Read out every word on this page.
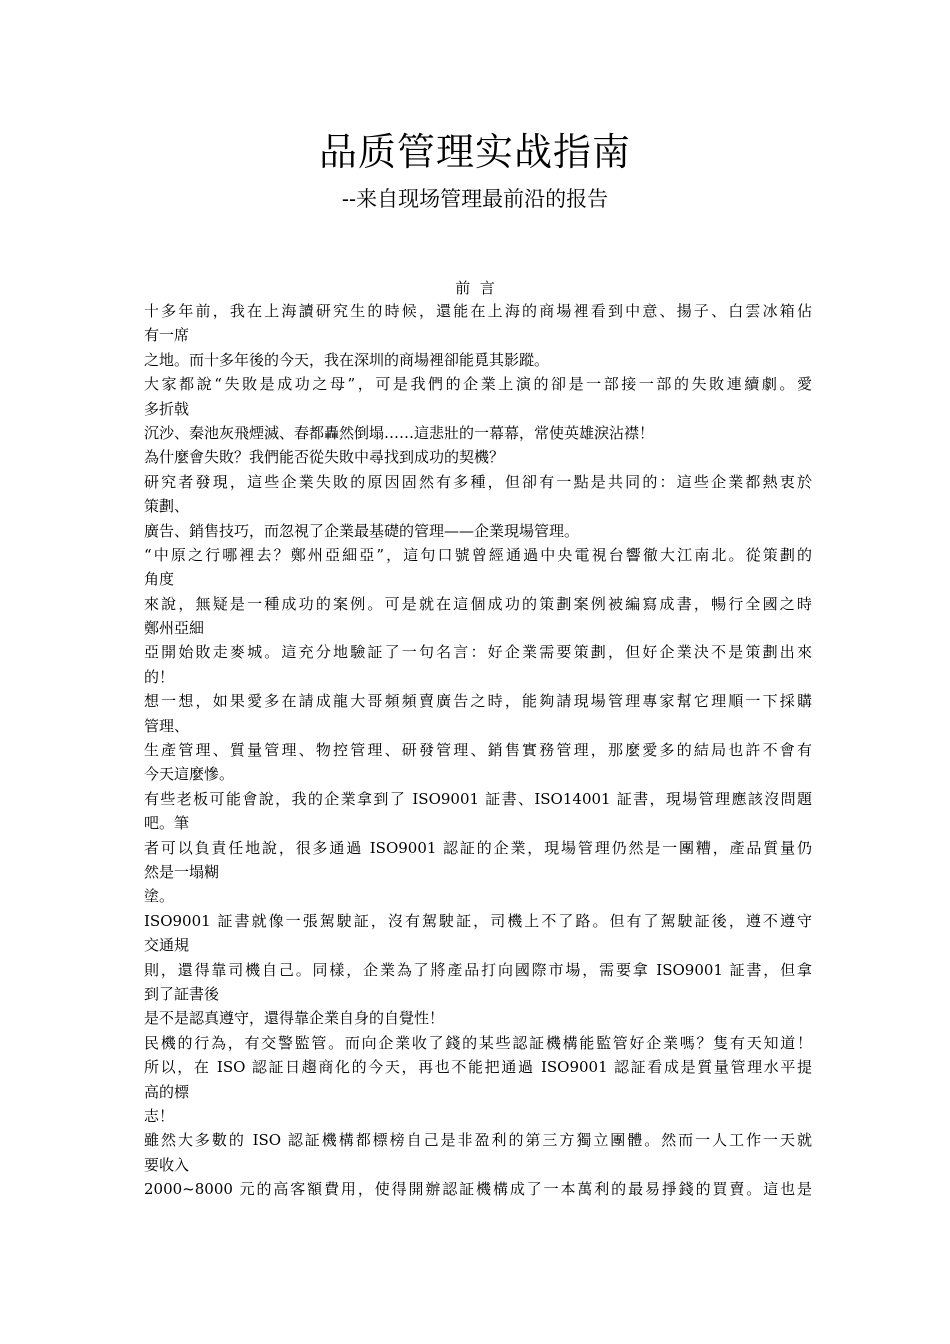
品质管理实战指南
--来自现场管理最前沿的报告
前  言
十多年前，我在上海讀研究生的時候，還能在上海的商場裡看到中意、揚子、白雲冰箱佔
有一席
之地。而十多年後的今天，我在深圳的商場裡卻能覓其影蹤。
大家都說“失敗是成功之母”，可是我們的企業上演的卻是一部接一部的失敗連續劇。愛
多折戟
沉沙、秦池灰飛煙滅、春都轟然倒塌……這悲壯的一幕幕，常使英雄淚沾襟！
為什麼會失敗？我們能否從失敗中尋找到成功的契機？
研究者發現，這些企業失敗的原因固然有多種，但卻有一點是共同的：這些企業都熱衷於
策劃、
廣告、銷售技巧，而忽視了企業最基礎的管理——企業現場管理。
“中原之行哪裡去？鄭州亞細亞”，這句口號曾經通過中央電視台響徹大江南北。從策劃的
角度
來說，無疑是一種成功的案例。可是就在這個成功的策劃案例被編寫成書，暢行全國之時
鄭州亞細
亞開始敗走麥城。這充分地驗証了一句名言：好企業需要策劃，但好企業決不是策劃出來
的！
想一想，如果愛多在請成龍大哥頻頻賣廣告之時，能夠請現場管理專家幫它理順一下採購
管理、
生產管理、質量管理、物控管理、研發管理、銷售實務管理，那麼愛多的結局也許不會有
今天這麼慘。
有些老板可能會說，我的企業拿到了 ISO9001 証書、ISO14001 証書，現場管理應該沒問題
吧。筆
者可以負責任地說，很多通過 ISO9001 認証的企業，現場管理仍然是一團糟，產品質量仍
然是一塌糊
塗。
ISO9001 証書就像一張駕駛証，沒有駕駛証，司機上不了路。但有了駕駛証後，遵不遵守
交通規
則，還得靠司機自己。同樣，企業為了將產品打向國際市場，需要拿 ISO9001 証書，但拿
到了証書後
是不是認真遵守，還得靠企業自身的自覺性！
民機的行為，有交警監管。而向企業收了錢的某些認証機構能監管好企業嗎？隻有天知道！
所以，在 ISO 認証日趨商化的今天，再也不能把通過 ISO9001 認証看成是質量管理水平提
高的標
志！
雖然大多數的 ISO 認証機構都標榜自己是非盈利的第三方獨立團體。然而一人工作一天就
要收入
2000~8000 元的高客額費用，使得開辦認証機構成了一本萬利的最易掙錢的買賣。這也是
